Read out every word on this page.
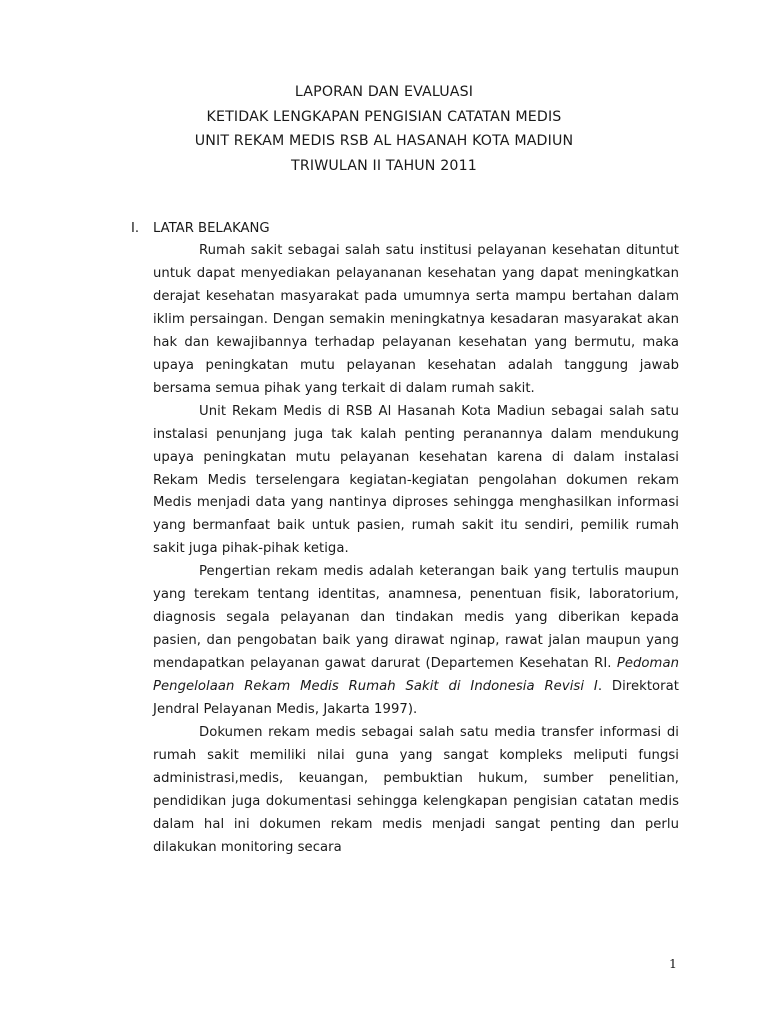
LAPORAN DAN EVALUASI
KETIDAK LENGKAPAN PENGISIAN CATATAN MEDIS
UNIT REKAM MEDIS RSB AL HASANAH KOTA MADIUN
TRIWULAN II TAHUN 2011

I. LATAR BELAKANG

Rumah sakit sebagai salah satu institusi pelayanan kesehatan dituntut untuk dapat menyediakan pelayananan kesehatan yang dapat meningkatkan derajat kesehatan masyarakat pada umumnya serta mampu bertahan dalam iklim persaingan. Dengan semakin meningkatnya kesadaran masyarakat akan hak dan kewajibannya terhadap pelayanan kesehatan yang bermutu, maka upaya peningkatan mutu pelayanan kesehatan adalah tanggung jawab bersama semua pihak yang terkait di dalam rumah sakit.

Unit Rekam Medis di RSB Al Hasanah Kota Madiun sebagai salah satu instalasi penunjang juga tak kalah penting peranannya dalam mendukung upaya peningkatan mutu pelayanan kesehatan karena di dalam instalasi Rekam Medis terselengara kegiatan-kegiatan pengolahan dokumen rekam Medis menjadi data yang nantinya diproses sehingga menghasilkan informasi yang bermanfaat baik untuk pasien, rumah sakit itu sendiri, pemilik rumah sakit juga pihak-pihak ketiga.

Pengertian rekam medis adalah keterangan baik yang tertulis maupun yang terekam tentang identitas, anamnesa, penentuan fisik, laboratorium, diagnosis segala pelayanan dan tindakan medis yang diberikan kepada pasien, dan pengobatan baik yang dirawat nginap, rawat jalan maupun yang mendapatkan pelayanan gawat darurat (Departemen Kesehatan RI. Pedoman Pengelolaan Rekam Medis Rumah Sakit di Indonesia Revisi I. Direktorat Jendral Pelayanan Medis, Jakarta 1997).

Dokumen rekam medis sebagai salah satu media transfer informasi di rumah sakit memiliki nilai guna yang sangat kompleks meliputi fungsi administrasi,medis, keuangan, pembuktian hukum, sumber penelitian, pendidikan juga dokumentasi sehingga kelengkapan pengisian catatan medis dalam hal ini dokumen rekam medis menjadi sangat penting dan perlu dilakukan monitoring secara

1
